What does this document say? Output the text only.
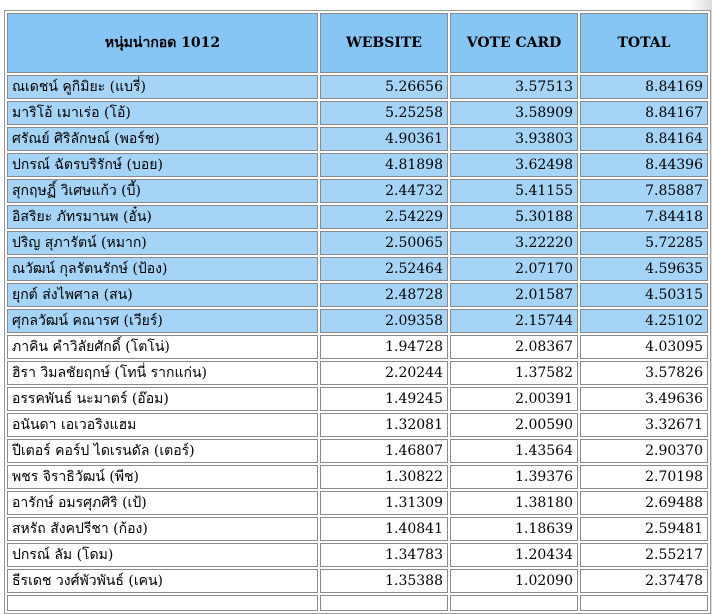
หนุ่มน่ากอด 1012	WEBSITE	VOTE CARD	TOTAL
ณเดชน์ คูกิมิยะ (แบรี่)	5.26656	3.57513	8.84169
มาริโอ้ เมาเร่อ (โอ้)	5.25258	3.58909	8.84167
ศรัณย์ ศิริลักษณ์ (พอร์ช)	4.90361	3.93803	8.84164
ปกรณ์ ฉัตรบริรักษ์ (บอย)	4.81898	3.62498	8.44396
สุกฤษฏิ์ วิเศษแก้ว (บี้)	2.44732	5.41155	7.85887
อิสริยะ ภัทรมานพ (อั๋น)	2.54229	5.30188	7.84418
ปริญ สุภารัตน์ (หมาก)	2.50065	3.22220	5.72285
ณวัฒน์ กุลรัตนรักษ์ (ป้อง)	2.52464	2.07170	4.59635
ยุกต์ ส่งไพศาล (สน)	2.48728	2.01587	4.50315
ศุกลวัฒน์ คณารศ (เวียร์)	2.09358	2.15744	4.25102
ภาคิน คำวิลัยศักดิ์ (โตโน่)	1.94728	2.08367	4.03095
ฮิรา วิมลชัยฤกษ์ (โทนี่ รากแก่น)	2.20244	1.37582	3.57826
อรรคพันธ์ นะมาตร์ (อ๊อม)	1.49245	2.00391	3.49636
อนันดา เอเวอริงแฮม	1.32081	2.00590	3.32671
ปีเตอร์ คอร์ป ไดเรนดัล (เตอร์)	1.46807	1.43564	2.90370
พชร จิราธิวัฒน์ (พีช)	1.30822	1.39376	2.70198
อารักษ์ อมรศุภศิริ (เป้)	1.31309	1.38180	2.69488
สหรัถ สังคปรีชา (ก้อง)	1.40841	1.18639	2.59481
ปกรณ์ ลัม (โดม)	1.34783	1.20434	2.55217
ธีรเดช วงศ์พัวพันธ์ (เคน)	1.35388	1.02090	2.37478
